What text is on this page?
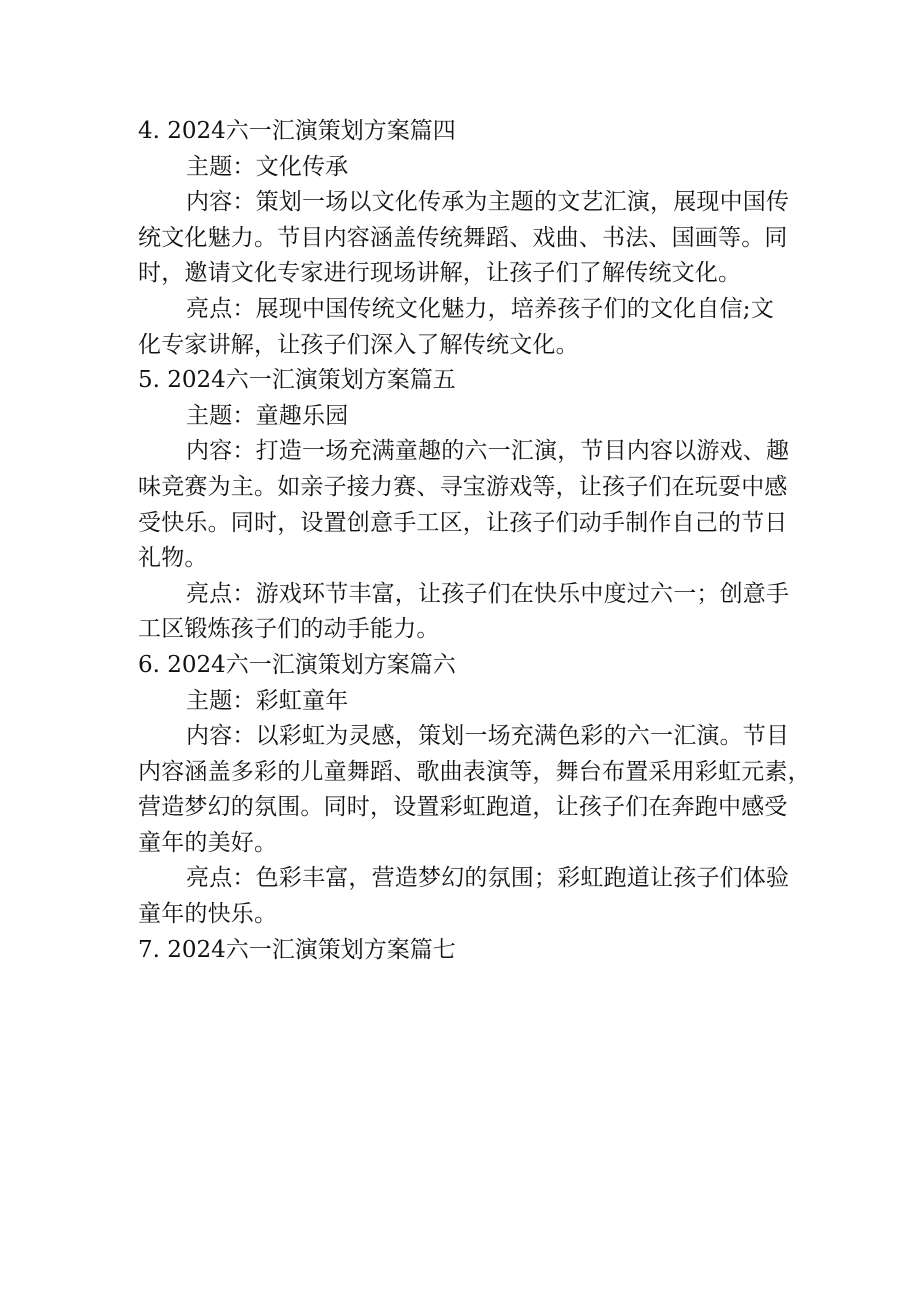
4. 2024六一汇演策划方案篇四
主题：文化传承
内容：策划一场以文化传承为主题的文艺汇演，展现中国传
统文化魅力。节目内容涵盖传统舞蹈、戏曲、书法、国画等。同
时，邀请文化专家进行现场讲解，让孩子们了解传统文化。
亮点：展现中国传统文化魅力，培养孩子们的文化自信;文
化专家讲解，让孩子们深入了解传统文化。
5. 2024六一汇演策划方案篇五
主题：童趣乐园
内容：打造一场充满童趣的六一汇演，节目内容以游戏、趣
味竞赛为主。如亲子接力赛、寻宝游戏等，让孩子们在玩耍中感
受快乐。同时，设置创意手工区，让孩子们动手制作自己的节日
礼物。
亮点：游戏环节丰富，让孩子们在快乐中度过六一；创意手
工区锻炼孩子们的动手能力。
6. 2024六一汇演策划方案篇六
主题：彩虹童年
内容：以彩虹为灵感，策划一场充满色彩的六一汇演。节目
内容涵盖多彩的儿童舞蹈、歌曲表演等，舞台布置采用彩虹元素，
营造梦幻的氛围。同时，设置彩虹跑道，让孩子们在奔跑中感受
童年的美好。
亮点：色彩丰富，营造梦幻的氛围；彩虹跑道让孩子们体验
童年的快乐。
7. 2024六一汇演策划方案篇七
